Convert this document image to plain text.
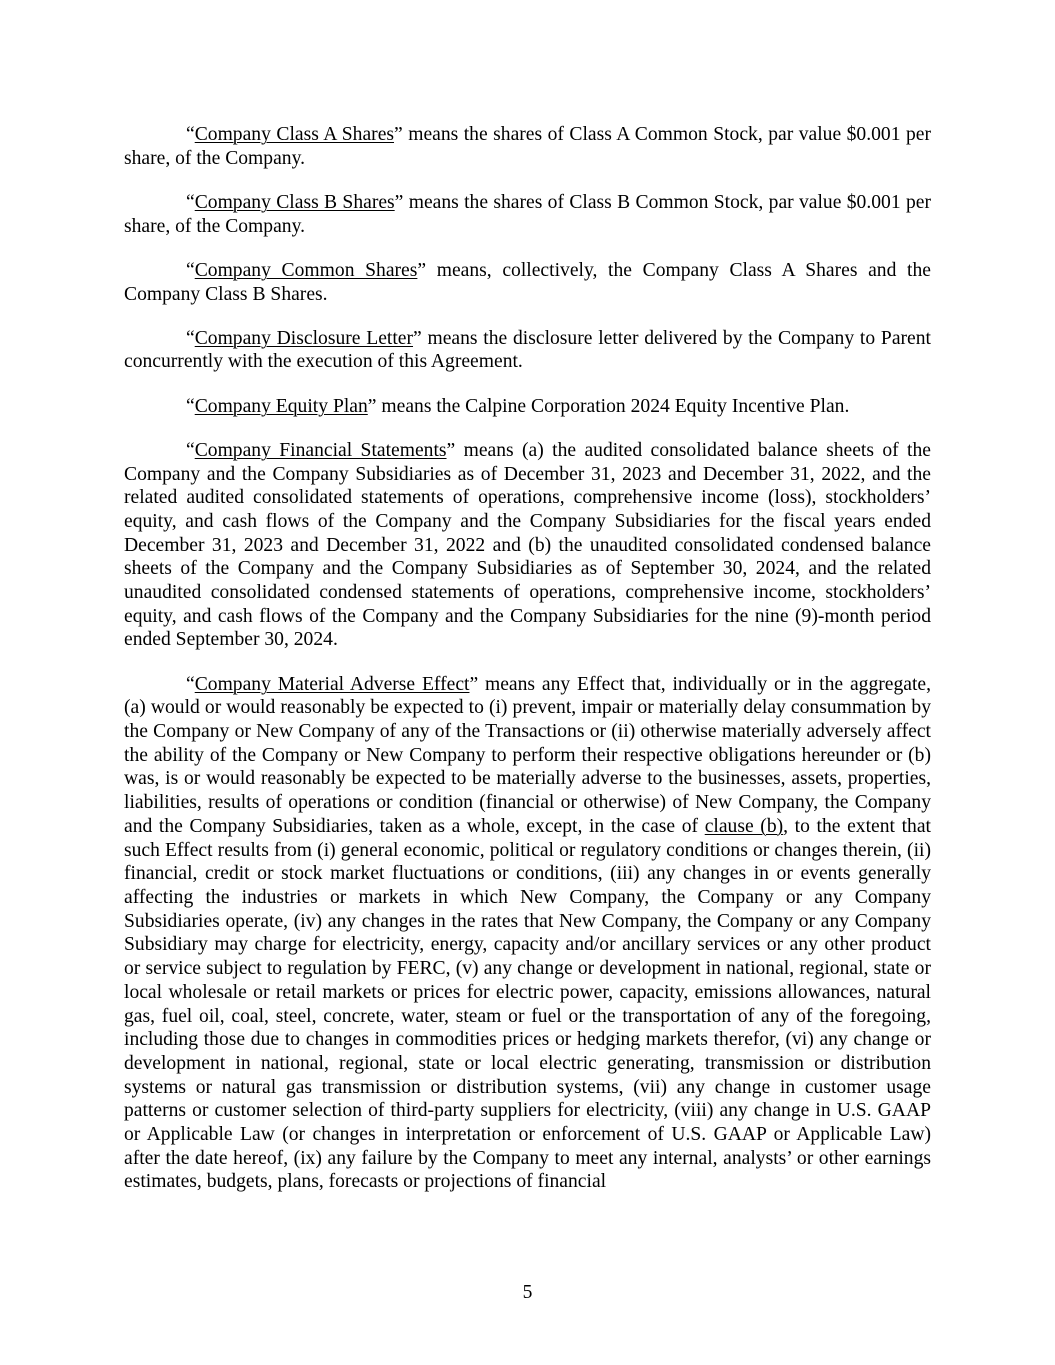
“Company Class A Shares” means the shares of Class A Common Stock, par value $0.001 per share, of the Company.

“Company Class B Shares” means the shares of Class B Common Stock, par value $0.001 per share, of the Company.

“Company Common Shares” means, collectively, the Company Class A Shares and the Company Class B Shares.

“Company Disclosure Letter” means the disclosure letter delivered by the Company to Parent concurrently with the execution of this Agreement.

“Company Equity Plan” means the Calpine Corporation 2024 Equity Incentive Plan.

“Company Financial Statements” means (a) the audited consolidated balance sheets of the Company and the Company Subsidiaries as of December 31, 2023 and December 31, 2022, and the related audited consolidated statements of operations, comprehensive income (loss), stockholders’ equity, and cash flows of the Company and the Company Subsidiaries for the fiscal years ended December 31, 2023 and December 31, 2022 and (b) the unaudited consolidated condensed balance sheets of the Company and the Company Subsidiaries as of September 30, 2024, and the related unaudited consolidated condensed statements of operations, comprehensive income, stockholders’ equity, and cash flows of the Company and the Company Subsidiaries for the nine (9)-month period ended September 30, 2024.

“Company Material Adverse Effect” means any Effect that, individually or in the aggregate, (a) would or would reasonably be expected to (i) prevent, impair or materially delay consummation by the Company or New Company of any of the Transactions or (ii) otherwise materially adversely affect the ability of the Company or New Company to perform their respective obligations hereunder or (b) was, is or would reasonably be expected to be materially adverse to the businesses, assets, properties, liabilities, results of operations or condition (financial or otherwise) of New Company, the Company and the Company Subsidiaries, taken as a whole, except, in the case of clause (b), to the extent that such Effect results from (i) general economic, political or regulatory conditions or changes therein, (ii) financial, credit or stock market fluctuations or conditions, (iii) any changes in or events generally affecting the industries or markets in which New Company, the Company or any Company Subsidiaries operate, (iv) any changes in the rates that New Company, the Company or any Company Subsidiary may charge for electricity, energy, capacity and/or ancillary services or any other product or service subject to regulation by FERC, (v) any change or development in national, regional, state or local wholesale or retail markets or prices for electric power, capacity, emissions allowances, natural gas, fuel oil, coal, steel, concrete, water, steam or fuel or the transportation of any of the foregoing, including those due to changes in commodities prices or hedging markets therefor, (vi) any change or development in national, regional, state or local electric generating, transmission or distribution systems or natural gas transmission or distribution systems, (vii) any change in customer usage patterns or customer selection of third-party suppliers for electricity, (viii) any change in U.S. GAAP or Applicable Law (or changes in interpretation or enforcement of U.S. GAAP or Applicable Law) after the date hereof, (ix) any failure by the Company to meet any internal, analysts’ or other earnings estimates, budgets, plans, forecasts or projections of financial

5
